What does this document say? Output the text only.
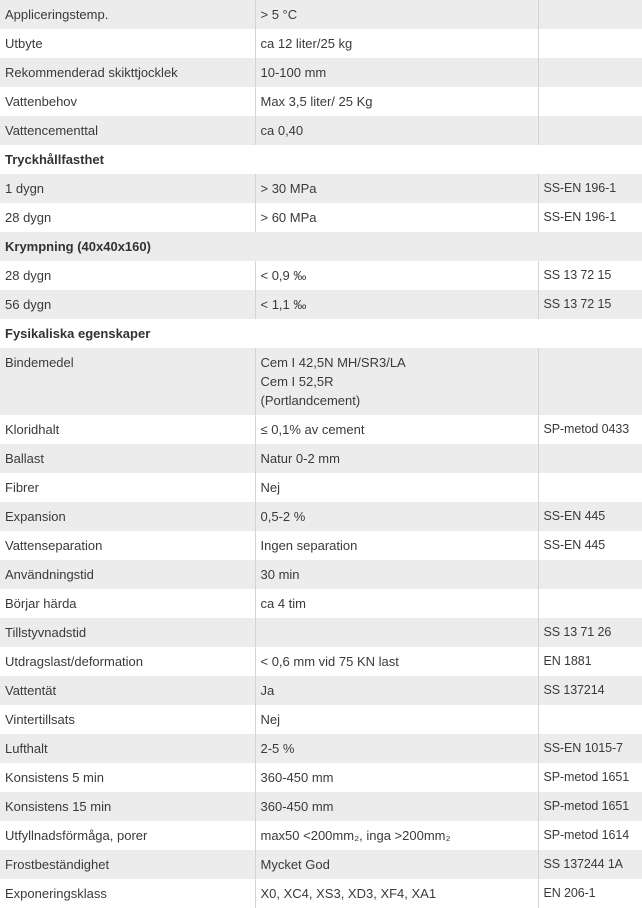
Appliceringstemp.	> 5 °C	
Utbyte	ca 12 liter/25 kg	
Rekommenderad skikttjocklek	10-100 mm	
Vattenbehov	Max 3,5 liter/ 25 Kg	
Vattencementtal	ca 0,40	
Tryckhållfasthet		
1 dygn	> 30 MPa	SS-EN 196-1
28 dygn	> 60 MPa	SS-EN 196-1
Krympning (40x40x160)		
28 dygn	< 0,9 ‰	SS 13 72 15
56 dygn	< 1,1 ‰	SS 13 72 15
Fysikaliska egenskaper		
Bindemedel	Cem I 42,5N MH/SR3/LA
Cem I 52,5R
(Portlandcement)	

Kloridhalt	≤ 0,1% av cement	SP-metod 0433
Ballast	Natur 0-2 mm	
Fibrer	Nej	
Expansion	0,5-2 %	SS-EN 445
Vattenseparation	Ingen separation	SS-EN 445
Användningstid	30 min	
Börjar härda	ca 4 tim	
Tillstyvnadstid		SS 13 71 26
Utdragslast/deformation	< 0,6 mm vid 75 KN last	EN 1881
Vattentät	Ja	SS 137214
Vintertillsats	Nej	
Lufthalt	2-5 %	SS-EN 1015-7
Konsistens 5 min	360-450 mm	SP-metod 1651
Konsistens 15 min	360-450 mm	SP-metod 1651
Utfyllnadsförmåga, porer	max50 <200mm₂, inga >200mm₂	SP-metod 1614
Frostbeständighet	Mycket God	SS 137244 1A
Exponeringsklass	X0, XC4, XS3, XD3, XF4, XA1	EN 206-1
